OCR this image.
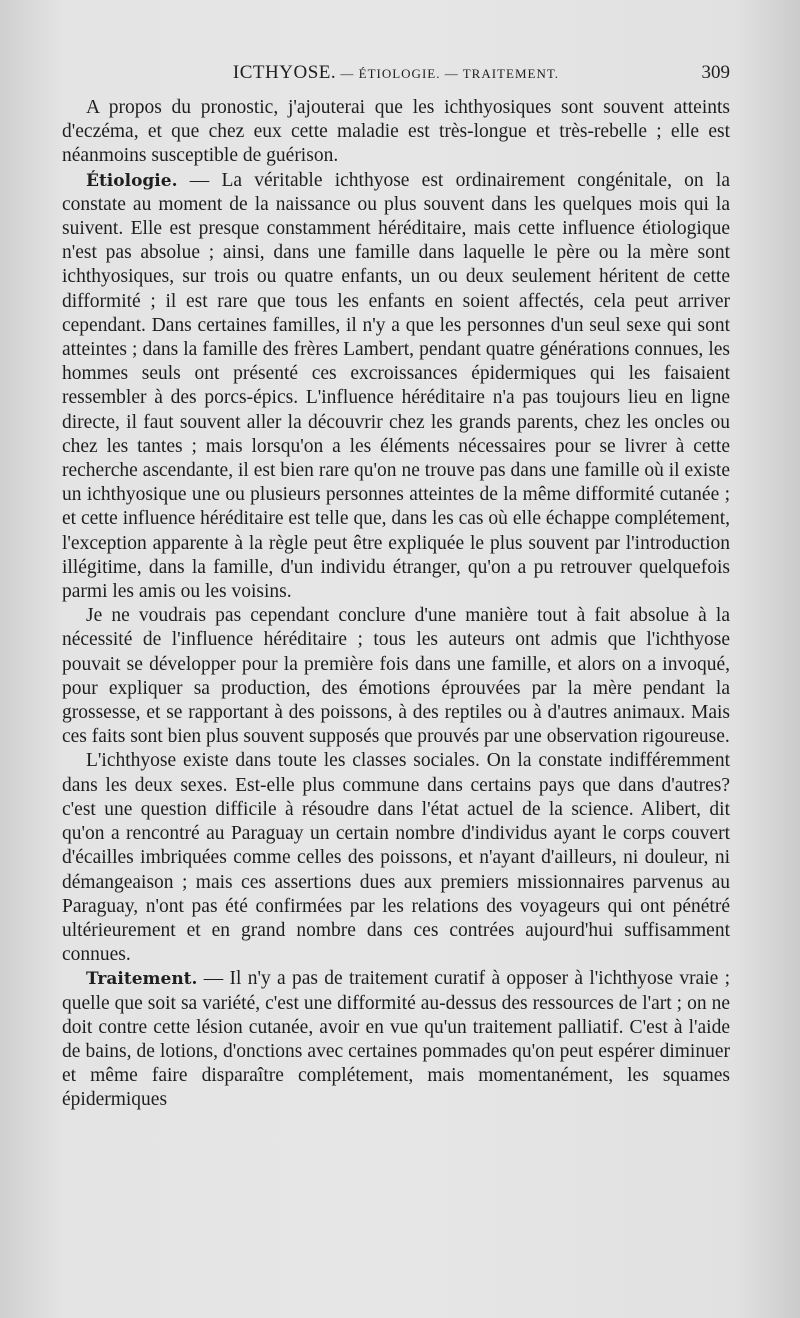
ICTHYOSE. — ÉTIOLOGIE. — TRAITEMENT.	309

A propos du pronostic, j'ajouterai que les ichthyosiques sont souvent atteints d'eczéma, et que chez eux cette maladie est très-longue et très-rebelle ; elle est néanmoins susceptible de guérison.

Étiologie. — La véritable ichthyose est ordinairement congénitale, on la constate au moment de la naissance ou plus souvent dans les quelques mois qui la suivent. Elle est presque constamment héréditaire, mais cette influence étiologique n'est pas absolue ; ainsi, dans une famille dans laquelle le père ou la mère sont ichthyosiques, sur trois ou quatre enfants, un ou deux seulement héritent de cette difformité ; il est rare que tous les enfants en soient affectés, cela peut arriver cependant. Dans certaines familles, il n'y a que les personnes d'un seul sexe qui sont atteintes ; dans la famille des frères Lambert, pendant quatre générations connues, les hommes seuls ont présenté ces excroissances épidermiques qui les faisaient ressembler à des porcs-épics. L'influence héréditaire n'a pas toujours lieu en ligne directe, il faut souvent aller la découvrir chez les grands parents, chez les oncles ou chez les tantes ; mais lorsqu'on a les éléments nécessaires pour se livrer à cette recherche ascendante, il est bien rare qu'on ne trouve pas dans une famille où il existe un ichthyosique une ou plusieurs personnes atteintes de la même difformité cutanée ; et cette influence héréditaire est telle que, dans les cas où elle échappe complétement, l'exception apparente à la règle peut être expliquée le plus souvent par l'introduction illégitime, dans la famille, d'un individu étranger, qu'on a pu retrouver quelquefois parmi les amis ou les voisins.

Je ne voudrais pas cependant conclure d'une manière tout à fait absolue à la nécessité de l'influence héréditaire ; tous les auteurs ont admis que l'ichthyose pouvait se développer pour la première fois dans une famille, et alors on a invoqué, pour expliquer sa production, des émotions éprouvées par la mère pendant la grossesse, et se rapportant à des poissons, à des reptiles ou à d'autres animaux. Mais ces faits sont bien plus souvent supposés que prouvés par une observation rigoureuse.

L'ichthyose existe dans toute les classes sociales. On la constate indifféremment dans les deux sexes. Est-elle plus commune dans certains pays que dans d'autres? c'est une question difficile à résoudre dans l'état actuel de la science. Alibert, dit qu'on a rencontré au Paraguay un certain nombre d'individus ayant le corps couvert d'écailles imbriquées comme celles des poissons, et n'ayant d'ailleurs, ni douleur, ni démangeaison ; mais ces assertions dues aux premiers missionnaires parvenus au Paraguay, n'ont pas été confirmées par les relations des voyageurs qui ont pénétré ultérieurement et en grand nombre dans ces contrées aujourd'hui suffisamment connues.

Traitement. — Il n'y a pas de traitement curatif à opposer à l'ichthyose vraie ; quelle que soit sa variété, c'est une difformité au-dessus des ressources de l'art ; on ne doit contre cette lésion cutanée, avoir en vue qu'un traitement palliatif. C'est à l'aide de bains, de lotions, d'onctions avec certaines pommades qu'on peut espérer diminuer et même faire disparaître complétement, mais momentanément, les squames épidermiques
